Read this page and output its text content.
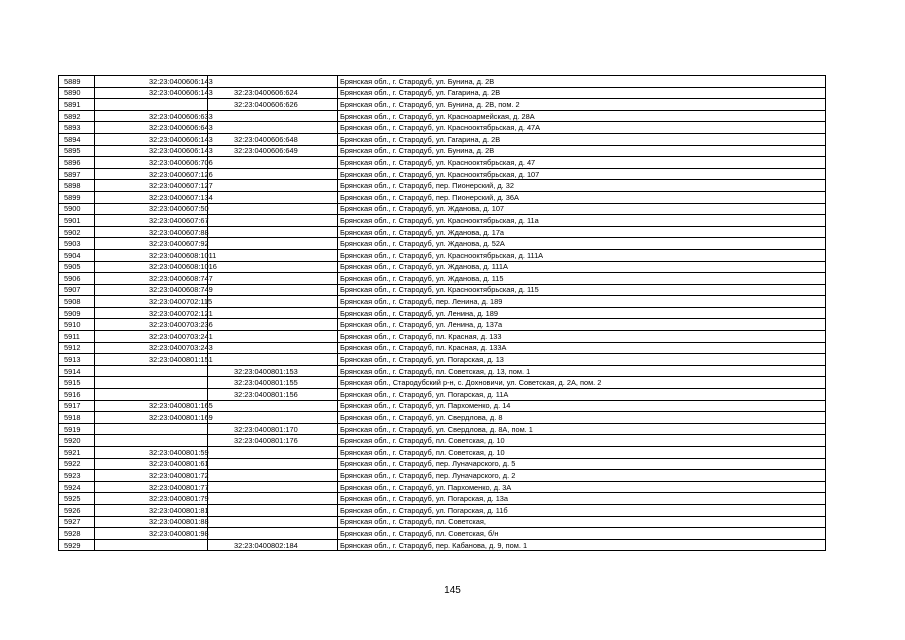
5889	32:23:0400606:143		Брянская обл., г. Стародуб, ул. Бунина, д. 2В
5890	32:23:0400606:143	32:23:0400606:624	Брянская обл., г. Стародуб, ул. Гагарина, д. 2В
5891		32:23:0400606:626	Брянская обл., г. Стародуб, ул. Бунина, д. 2В, пом. 2
5892	32:23:0400606:633		Брянская обл., г. Стародуб, ул. Красноармейская, д. 28А
5893	32:23:0400606:643		Брянская обл., г. Стародуб, ул. Краснооктябрьская, д. 47А
5894	32:23:0400606:143	32:23:0400606:648	Брянская обл., г. Стародуб, ул. Гагарина, д. 2В
5895	32:23:0400606:143	32:23:0400606:649	Брянская обл., г. Стародуб, ул. Бунина, д. 2В
5896	32:23:0400606:706		Брянская обл., г. Стародуб, ул. Краснооктябрьская, д. 47
5897	32:23:0400607:126		Брянская обл., г. Стародуб, ул. Краснооктябрьская, д. 107
5898	32:23:0400607:127		Брянская обл., г. Стародуб, пер. Пионерский, д. 32
5899	32:23:0400607:134		Брянская обл., г. Стародуб, пер. Пионерский, д. 36А
5900	32:23:0400607:50		Брянская обл., г. Стародуб, ул. Жданова, д. 107
5901	32:23:0400607:67		Брянская обл., г. Стародуб, ул. Краснооктябрьская, д. 11а
5902	32:23:0400607:88		Брянская обл., г. Стародуб, ул. Жданова, д. 17а
5903	32:23:0400607:92		Брянская обл., г. Стародуб, ул. Жданова, д. 52А
5904	32:23:0400608:1011		Брянская обл., г. Стародуб, ул. Краснооктябрьская, д. 111А
5905	32:23:0400608:1016		Брянская обл., г. Стародуб, ул. Жданова, д. 111А
5906	32:23:0400608:747		Брянская обл., г. Стародуб, ул. Жданова, д. 115
5907	32:23:0400608:749		Брянская обл., г. Стародуб, ул. Краснооктябрьская, д. 115
5908	32:23:0400702:115		Брянская обл., г. Стародуб, пер. Ленина, д. 189
5909	32:23:0400702:121		Брянская обл., г. Стародуб, ул. Ленина, д. 189
5910	32:23:0400703:236		Брянская обл., г. Стародуб, ул. Ленина, д. 137а
5911	32:23:0400703:241		Брянская обл., г. Стародуб, пл. Красная, д. 133
5912	32:23:0400703:243		Брянская обл., г. Стародуб, пл. Красная, д. 133А
5913	32:23:0400801:151		Брянская обл., г. Стародуб, ул. Погарская, д. 13
5914		32:23:0400801:153	Брянская обл., г. Стародуб, пл. Советская, д. 13, пом. 1
5915		32:23:0400801:155	Брянская обл., Стародубский р-н, с. Дохновичи, ул. Советская, д. 2А, пом. 2
5916		32:23:0400801:156	Брянская обл., г. Стародуб, ул. Погарская, д. 11А
5917	32:23:0400801:165		Брянская обл., г. Стародуб, ул. Пархоменко, д. 14
5918	32:23:0400801:169		Брянская обл., г. Стародуб, ул. Свердлова, д. 8
5919		32:23:0400801:170	Брянская обл., г. Стародуб, ул. Свердлова, д. 8А, пом. 1
5920		32:23:0400801:176	Брянская обл., г. Стародуб, пл. Советская, д. 10
5921	32:23:0400801:59		Брянская обл., г. Стародуб, пл. Советская, д. 10
5922	32:23:0400801:61		Брянская обл., г. Стародуб, пер. Луначарского, д. 5
5923	32:23:0400801:72		Брянская обл., г. Стародуб, пер. Луначарского, д. 2
5924	32:23:0400801:77		Брянская обл., г. Стародуб, ул. Пархоменко, д. 3А
5925	32:23:0400801:79		Брянская обл., г. Стародуб, ул. Погарская, д. 13а
5926	32:23:0400801:81		Брянская обл., г. Стародуб, ул. Погарская, д. 11б
5927	32:23:0400801:88		Брянская обл., г. Стародуб, пл. Советская,
5928	32:23:0400801:98		Брянская обл., г. Стародуб, пл. Советская, б/н
5929		32:23:0400802:184	Брянская обл., г. Стародуб, пер. Кабанова, д. 9, пом. 1
145
